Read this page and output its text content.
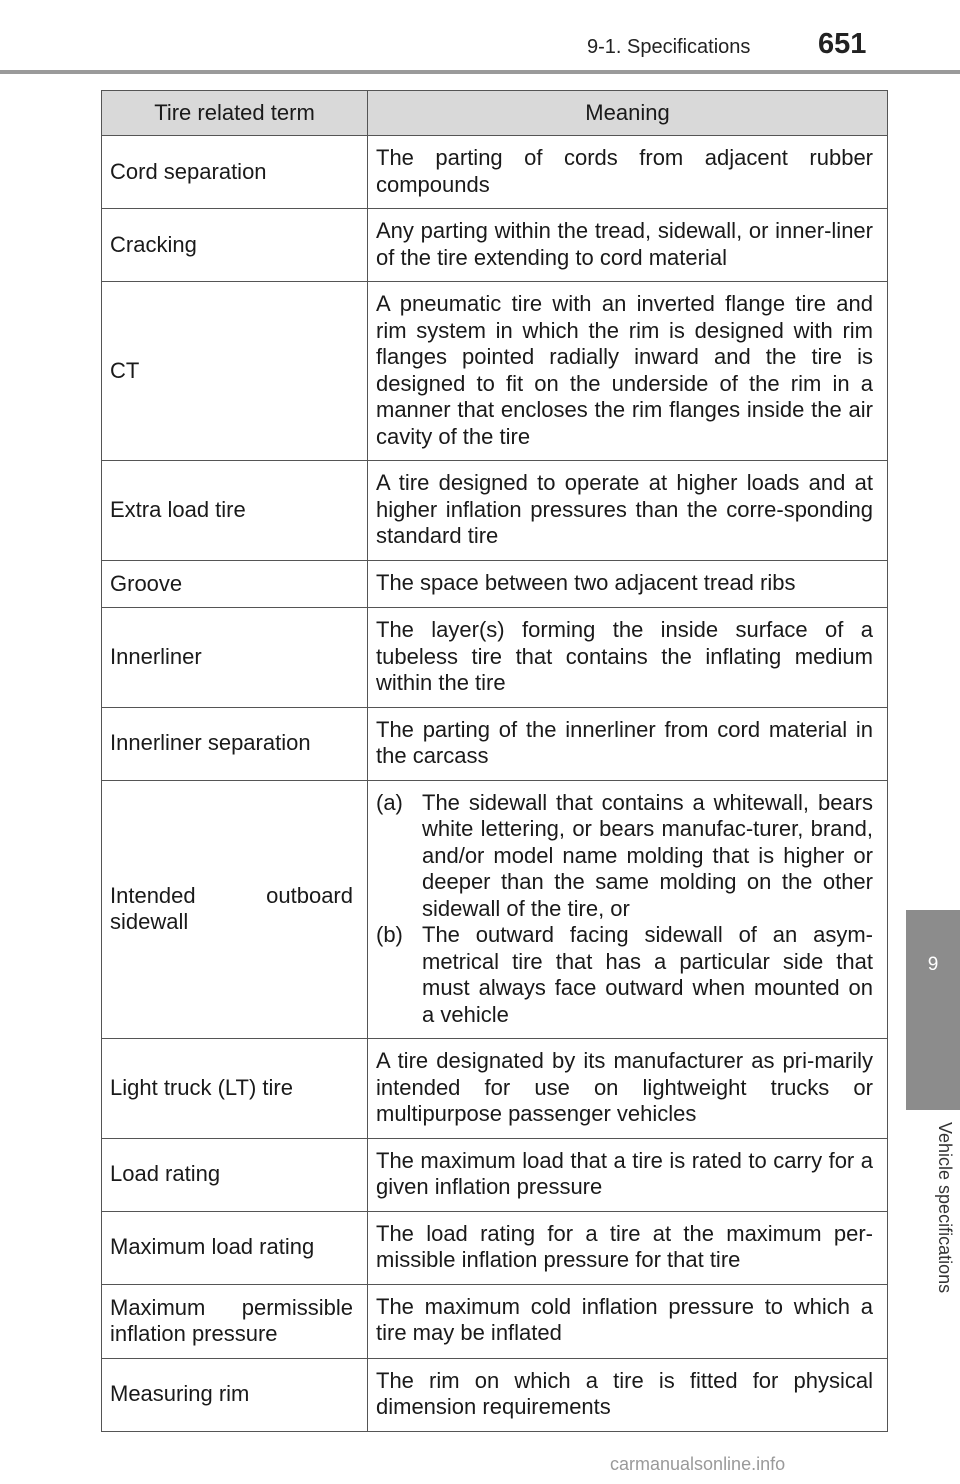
9-1. Specifications 651
9
Vehicle specifications
Tire related term	Meaning
Cord separation	The parting of cords from adjacent rubber compounds
Cracking	Any parting within the tread, sidewall, or inner-liner of the tire extending to cord material
CT	A pneumatic tire with an inverted flange tire and rim system in which the rim is designed with rim flanges pointed radially inward and the tire is designed to fit on the underside of the rim in a manner that encloses the rim flanges inside the air cavity of the tire
Extra load tire	A tire designed to operate at higher loads and at higher inflation pressures than the corre-sponding standard tire
Groove	The space between two adjacent tread ribs
Innerliner	The layer(s) forming the inside surface of a tubeless tire that contains the inflating medium within the tire
Innerliner separation	The parting of the innerliner from cord material in the carcass
Intended outboard sidewall	(a) The sidewall that contains a whitewall, bears white lettering, or bears manufac-turer, brand, and/or model name molding that is higher or deeper than the same molding on the other sidewall of the tire, or
(b) The outward facing sidewall of an asym-metrical tire that has a particular side that must always face outward when mounted on a vehicle

Light truck (LT) tire	A tire designated by its manufacturer as pri-marily intended for use on lightweight trucks or multipurpose passenger vehicles
Load rating	The maximum load that a tire is rated to carry for a given inflation pressure
Maximum load rating	The load rating for a tire at the maximum per-missible inflation pressure for that tire
Maximum permissible inflation pressure	The maximum cold inflation pressure to which a tire may be inflated
Measuring rim	The rim on which a tire is fitted for physical dimension requirements
carmanualsonline.info
